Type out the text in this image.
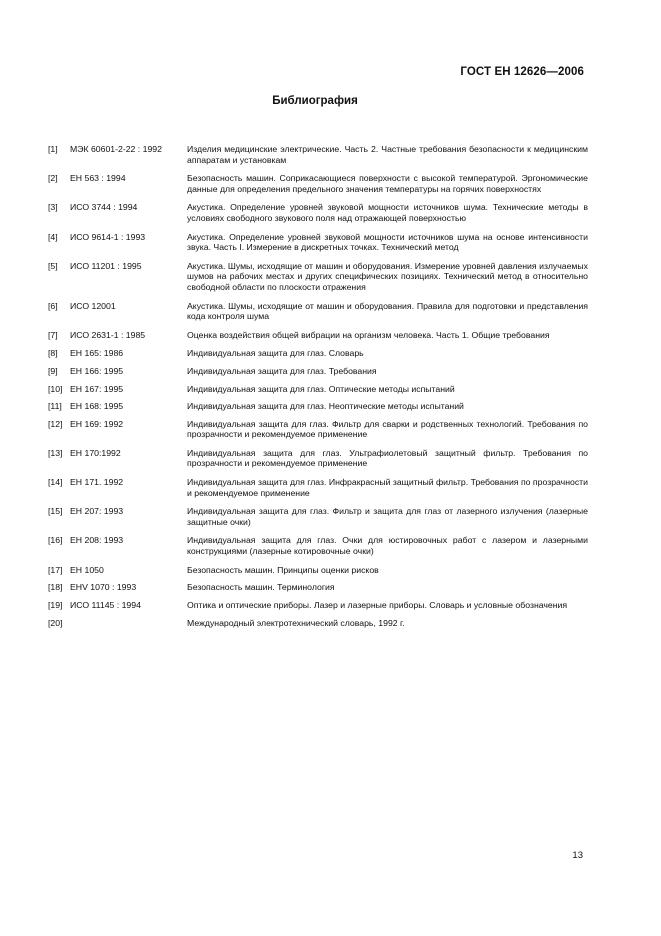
ГОСТ ЕН 12626—2006
Библиография
[1]	МЭК 60601-2-22 : 1992	Изделия медицинские электрические. Часть 2. Частные требования безопасности к медицинским аппаратам и установкам
[2]	ЕН 563 : 1994	Безопасность машин. Соприкасающиеся поверхности с высокой температурой. Эргономические данные для определения предельного значения температуры на горячих поверхностях
[3]	ИСО 3744 : 1994	Акустика. Определение уровней звуковой мощности источников шума. Технические методы в условиях свободного звукового поля над отражающей поверхностью
[4]	ИСО 9614-1 : 1993	Акустика. Определение уровней звуковой мощности источников шума на основе интенсивности звука. Часть I. Измерение в дискретных точках. Технический метод
[5]	ИСО 11201 : 1995	Акустика. Шумы, исходящие от машин и оборудования. Измерение уровней давления излучаемых шумов на рабочих местах и других специфических позициях. Технический метод в относительно свободной области по плоскости отражения
[6]	ИСО 12001	Акустика. Шумы, исходящие от машин и оборудования. Правила для подготовки и представления кода контроля шума
[7]	ИСО 2631-1 : 1985	Оценка воздействия общей вибрации на организм человека. Часть 1. Общие требования
[8]	ЕН 165: 1986	Индивидуальная защита для глаз. Словарь
[9]	ЕН 166: 1995	Индивидуальная защита для глаз. Требования
[10] ЕН 167: 1995	Индивидуальная защита для глаз. Оптические методы испытаний
[11] ЕН 168: 1995	Индивидуальная защита для глаз. Неоптические методы испытаний
[12] ЕН 169: 1992	Индивидуальная защита для глаз. Фильтр для сварки и родственных технологий. Требования по прозрачности и рекомендуемое применение
[13] ЕН 170:1992	Индивидуальная защита для глаз. Ультрафиолетовый защитный фильтр. Требования по прозрачности и рекомендуемое применение
[14] ЕН 171. 1992	Индивидуальная защита для глаз. Инфракрасный защитный фильтр. Требования по прозрачности и рекомендуемое применение
[15] ЕН 207: 1993	Индивидуальная защита для глаз. Фильтр и защита для глаз от лазерного излучения (лазерные защитные очки)
[16] ЕН 208: 1993	Индивидуальная защита для глаз. Очки для юстировочных работ с лазером и лазерными конструкциями (лазерные котировочные очки)
[17] ЕН 1050	Безопасность машин. Принципы оценки рисков
[18] ЕНV 1070 : 1993	Безопасность машин. Терминология
[19] ИСО 11145 : 1994	Оптика и оптические приборы. Лазер и лазерные приборы. Словарь и условные обозначения
[20]	Международный электротехнический словарь, 1992 г.
13
